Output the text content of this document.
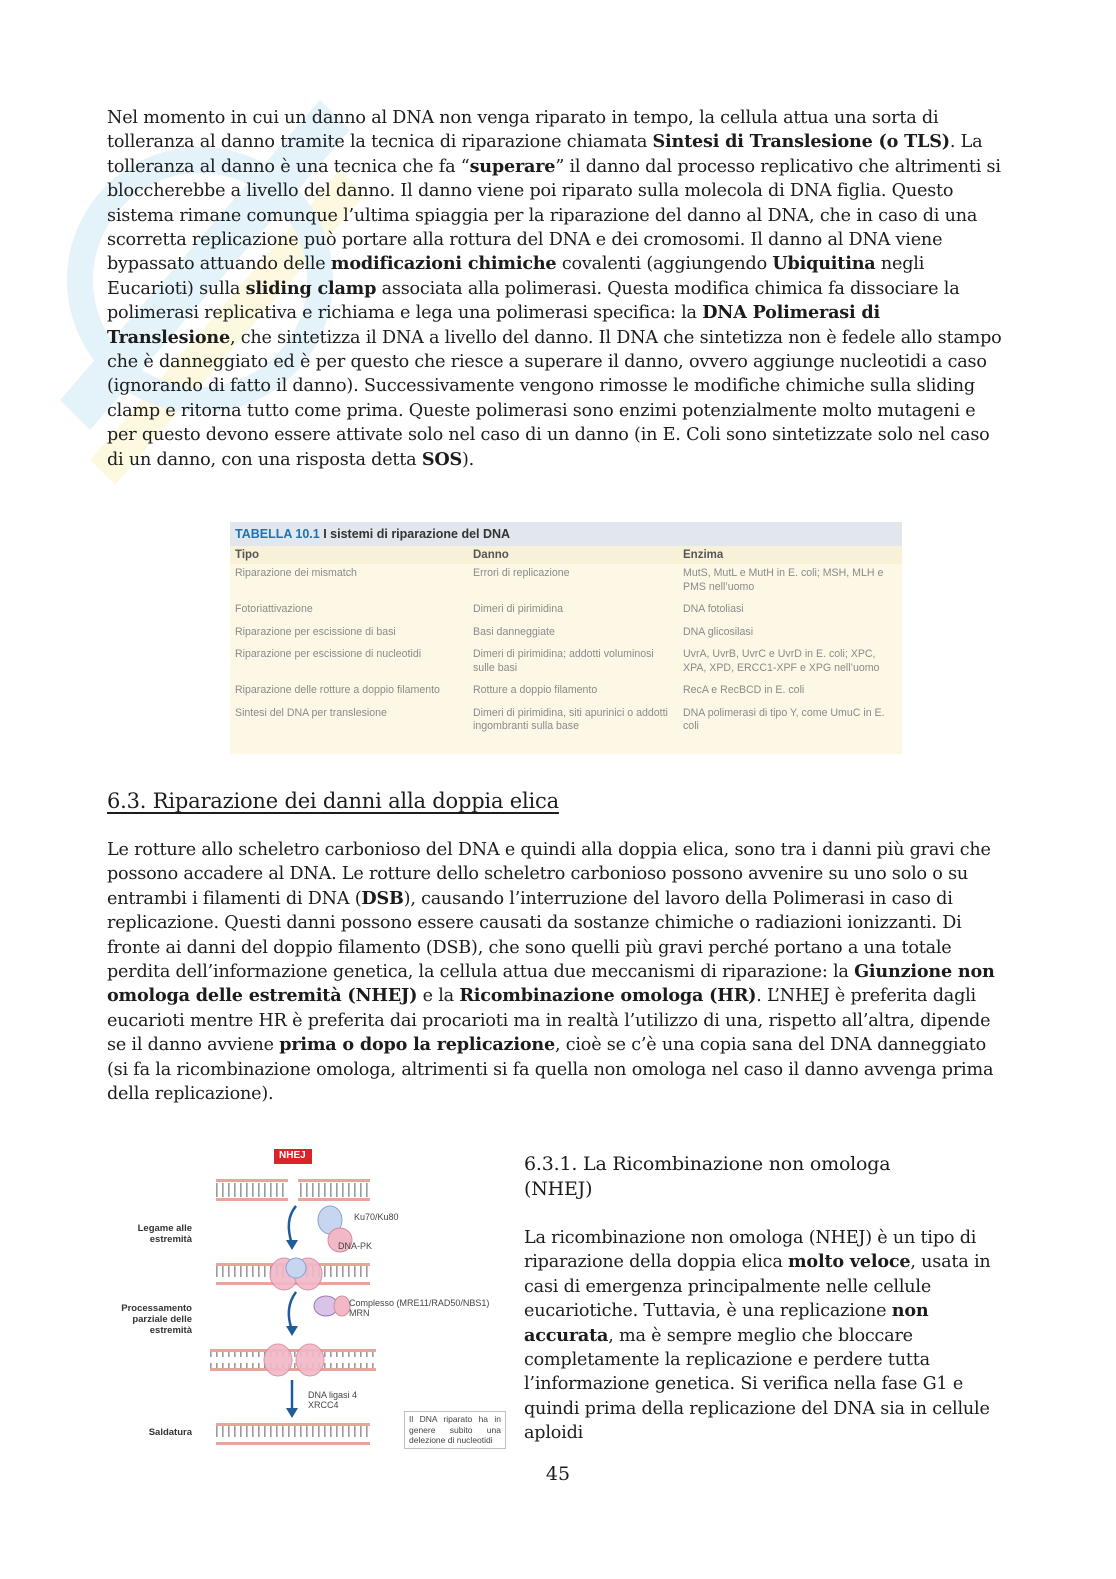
Nel momento in cui un danno al DNA non venga riparato in tempo, la cellula attua una sorta di tolleranza al danno tramite la tecnica di riparazione chiamata Sintesi di Translesione (o TLS). La tolleranza al danno è una tecnica che fa “superare” il danno dal processo replicativo che altrimenti si bloccherebbe a livello del danno. Il danno viene poi riparato sulla molecola di DNA figlia. Questo sistema rimane comunque l’ultima spiaggia per la riparazione del danno al DNA, che in caso di una scorretta replicazione può portare alla rottura del DNA e dei cromosomi. Il danno al DNA viene bypassato attuando delle modificazioni chimiche covalenti (aggiungendo Ubiquitina negli Eucarioti) sulla sliding clamp associata alla polimerasi. Questa modifica chimica fa dissociare la polimerasi replicativa e richiama e lega una polimerasi specifica: la DNA Polimerasi di Translesione, che sintetizza il DNA a livello del danno. Il DNA che sintetizza non è fedele allo stampo che è danneggiato ed è per questo che riesce a superare il danno, ovvero aggiunge nucleotidi a caso (ignorando di fatto il danno). Successivamente vengono rimosse le modifiche chimiche sulla sliding clamp e ritorna tutto come prima. Queste polimerasi sono enzimi potenzialmente molto mutageni e per questo devono essere attivate solo nel caso di un danno (in E. Coli sono sintetizzate solo nel caso di un danno, con una risposta detta SOS).

TABELLA 10.1 I sistemi di riparazione del DNA
Tipo	Danno	Enzima
Riparazione dei mismatch	Errori di replicazione	MutS, MutL e MutH in E. coli; MSH, MLH e PMS nell’uomo
Fotoriattivazione	Dimeri di pirimidina	DNA fotoliasi
Riparazione per escissione di basi	Basi danneggiate	DNA glicosilasi
Riparazione per escissione di nucleotidi	Dimeri di pirimidina; addotti voluminosi sulle basi	UvrA, UvrB, UvrC e UvrD in E. coli; XPC, XPA, XPD, ERCC1-XPF e XPG nell’uomo
Riparazione delle rotture a doppio filamento	Rotture a doppio filamento	RecA e RecBCD in E. coli
Sintesi del DNA per translesione	Dimeri di pirimidina, siti apurinici o addotti ingombranti sulla base	DNA polimerasi di tipo Y, come UmuC in E. coli
6.3. Riparazione dei danni alla doppia elica

Le rotture allo scheletro carbonioso del DNA e quindi alla doppia elica, sono tra i danni più gravi che possono accadere al DNA. Le rotture dello scheletro carbonioso possono avvenire su uno solo o su entrambi i filamenti di DNA (DSB), causando l’interruzione del lavoro della Polimerasi in caso di replicazione. Questi danni possono essere causati da sostanze chimiche o radiazioni ionizzanti. Di fronte ai danni del doppio filamento (DSB), che sono quelli più gravi perché portano a una totale perdita dell’informazione genetica, la cellula attua due meccanismi di riparazione: la Giunzione non omologa delle estremità (NHEJ) e la Ricombinazione omologa (HR). L’NHEJ è preferita dagli eucarioti mentre HR è preferita dai procarioti ma in realtà l’utilizzo di una, rispetto all’altra, dipende se il danno avviene prima o dopo la replicazione, cioè se c’è una copia sana del DNA danneggiato (si fa la ricombinazione omologa, altrimenti si fa quella non omologa nel caso il danno avvenga prima della replicazione).

NHEJ
Legame alle estremità
Processamento parziale delle estremità
Saldatura
Ku70/Ku80
DNA-PK
Complesso (MRE11/RAD50/NBS1)
MRN
DNA ligasi 4
XRCC4
Il DNA riparato ha in genere subito una delezione di nucleotidi
6.3.1. La Ricombinazione non omologa (NHEJ)

La ricombinazione non omologa (NHEJ) è un tipo di riparazione della doppia elica molto veloce, usata in casi di emergenza principalmente nelle cellule eucariotiche. Tuttavia, è una replicazione non accurata, ma è sempre meglio che bloccare completamente la replicazione e perdere tutta l’informazione genetica. Si verifica nella fase G1 e quindi prima della replicazione del DNA sia in cellule aploidi

45
